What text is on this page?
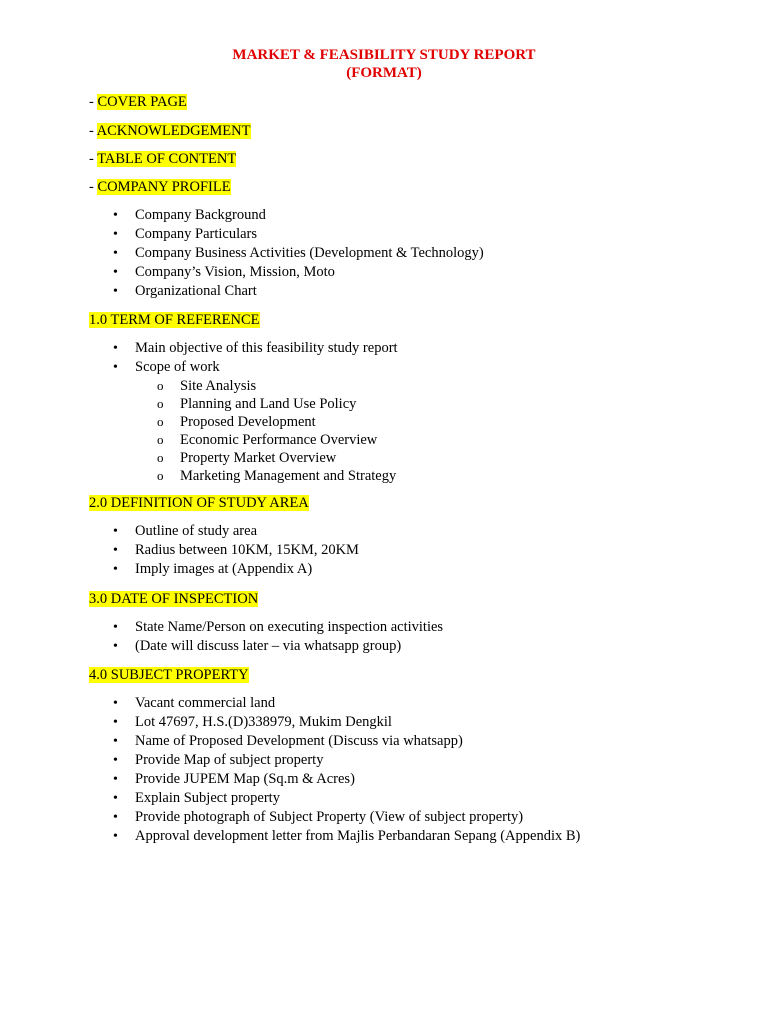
MARKET & FEASIBILITY STUDY REPORT
(FORMAT)
- COVER PAGE
- ACKNOWLEDGEMENT
- TABLE OF CONTENT
- COMPANY PROFILE
• Company Background
• Company Particulars
• Company Business Activities (Development & Technology)
• Company’s Vision, Mission, Moto
• Organizational Chart
1.0 TERM OF REFERENCE
• Main objective of this feasibility study report
• Scope of work
o Site Analysis
o Planning and Land Use Policy
o Proposed Development
o Economic Performance Overview
o Property Market Overview
o Marketing Management and Strategy
2.0 DEFINITION OF STUDY AREA
• Outline of study area
• Radius between 10KM, 15KM, 20KM
• Imply images at (Appendix A)
3.0 DATE OF INSPECTION
• State Name/Person on executing inspection activities
• (Date will discuss later – via whatsapp group)
4.0 SUBJECT PROPERTY
• Vacant commercial land
• Lot 47697, H.S.(D)338979, Mukim Dengkil
• Name of Proposed Development (Discuss via whatsapp)
• Provide Map of subject property
• Provide JUPEM Map (Sq.m & Acres)
• Explain Subject property
• Provide photograph of Subject Property (View of subject property)
• Approval development letter from Majlis Perbandaran Sepang (Appendix B)
